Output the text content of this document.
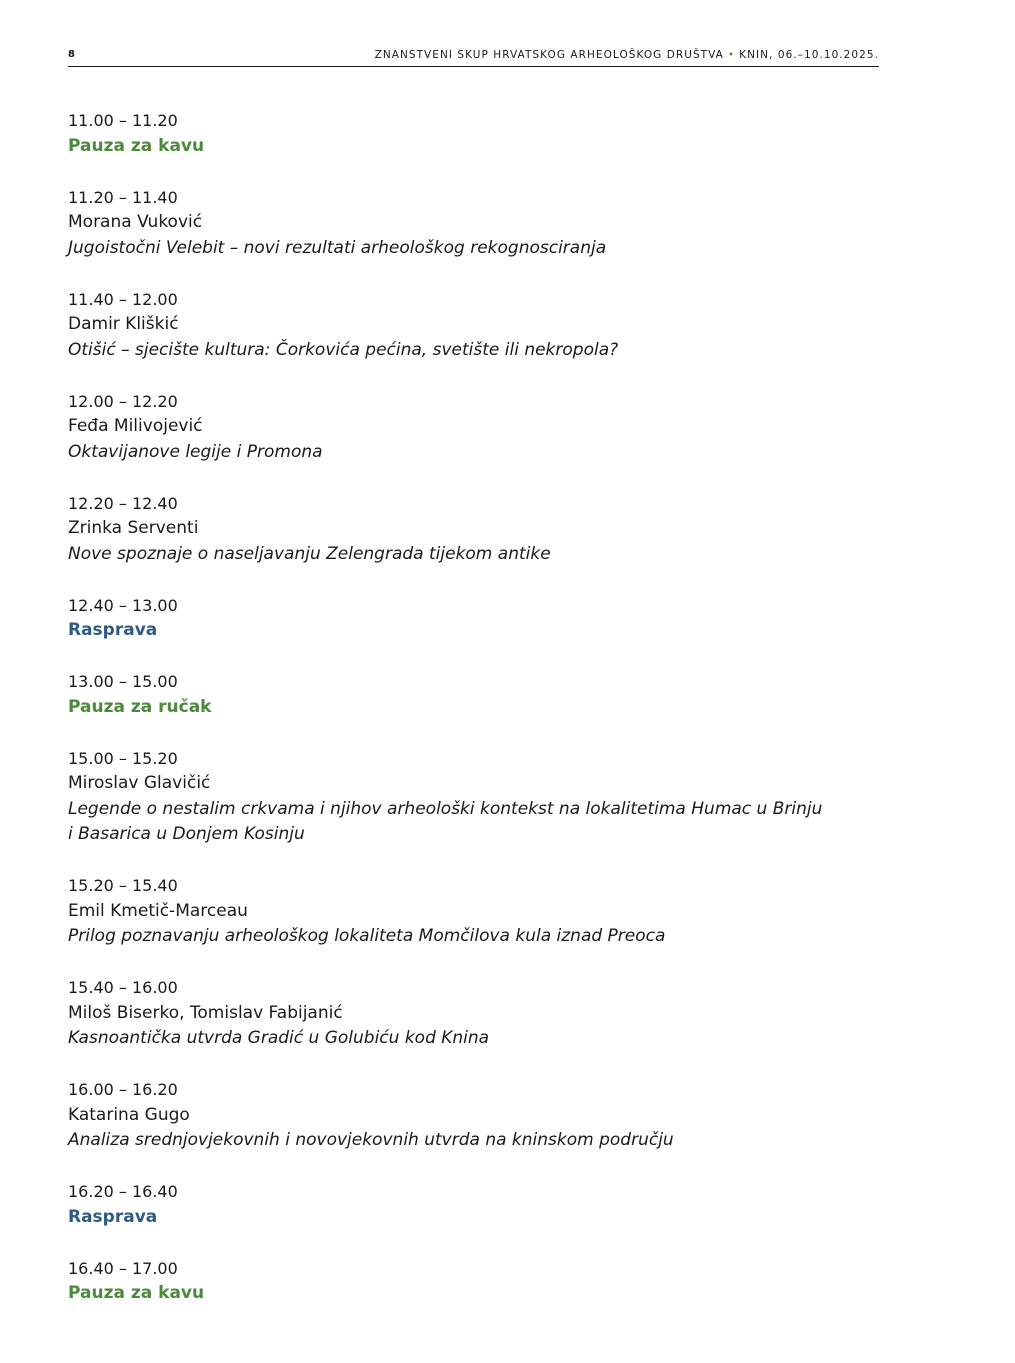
8	ZNANSTVENI SKUP HRVATSKOG ARHEOLOŠKOG DRUŠTVA • KNIN, 06.–10.10.2025.
11.00 – 11.20
Pauza za kavu
11.20 – 11.40
Morana Vuković
Jugoistočni Velebit – novi rezultati arheološkog rekognosciranja
11.40 – 12.00
Damir Kliškić
Otišić – sjecište kultura: Čorkovića pećina, svetište ili nekropola?
12.00 – 12.20
Feđa Milivojević
Oktavijanove legije i Promona
12.20 – 12.40
Zrinka Serventi
Nove spoznaje o naseljavanju Zelengrada tijekom antike
12.40 – 13.00
Rasprava
13.00 – 15.00
Pauza za ručak
15.00 – 15.20
Miroslav Glavičić
Legende o nestalim crkvama i njihov arheološki kontekst na lokalitetima Humac u Brinju
i Basarica u Donjem Kosinju
15.20 – 15.40
Emil Kmetič-Marceau
Prilog poznavanju arheološkog lokaliteta Momčilova kula iznad Preoca
15.40 – 16.00
Miloš Biserko, Tomislav Fabijanić
Kasnoantička utvrda Gradić u Golubiću kod Knina
16.00 – 16.20
Katarina Gugo
Analiza srednjovjekovnih i novovjekovnih utvrda na kninskom području
16.20 – 16.40
Rasprava
16.40 – 17.00
Pauza za kavu
